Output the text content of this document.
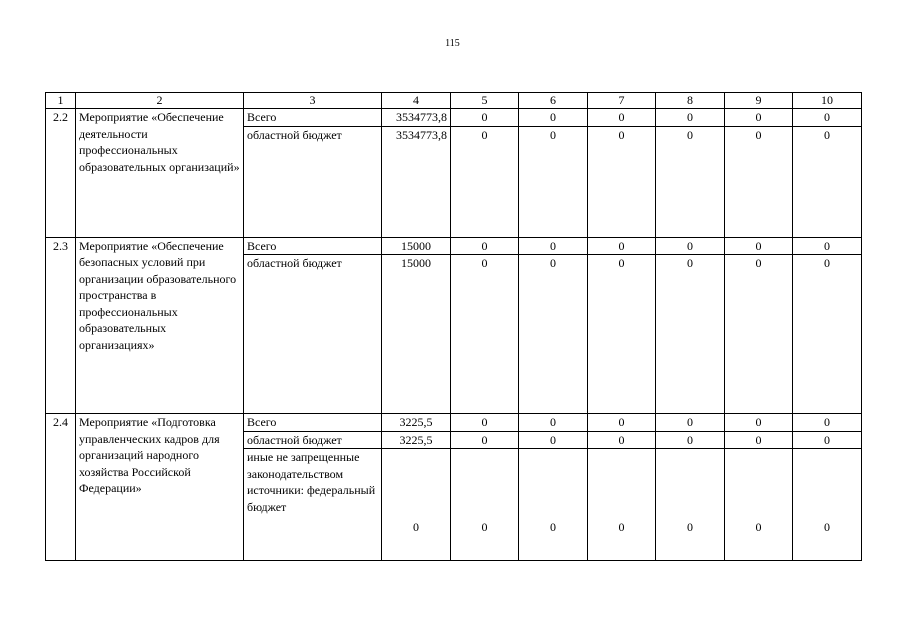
115
1	2	3	4	5	6	7	8	9	10
2.2	Мероприятие «Обеспечение деятельности профессиональных образовательных организаций»	Всего	3534773,8	0	0	0	0	0	0
		областной бюджет	3534773,8	0	0	0	0	0	0
2.3	Мероприятие «Обеспечение безопасных условий при организации образовательного пространства в профессиональных образовательных организациях»	Всего	15000	0	0	0	0	0	0
		областной бюджет	15000	0	0	0	0	0	0
2.4	Мероприятие «Подготовка управленческих кадров для организаций народного хозяйства Российской Федерации»	Всего	3225,5	0	0	0	0	0	0
		областной бюджет	3225,5	0	0	0	0	0	0
		иные не запрещенные законодательством источники: федеральный бюджет	0	0	0	0	0	0	0
